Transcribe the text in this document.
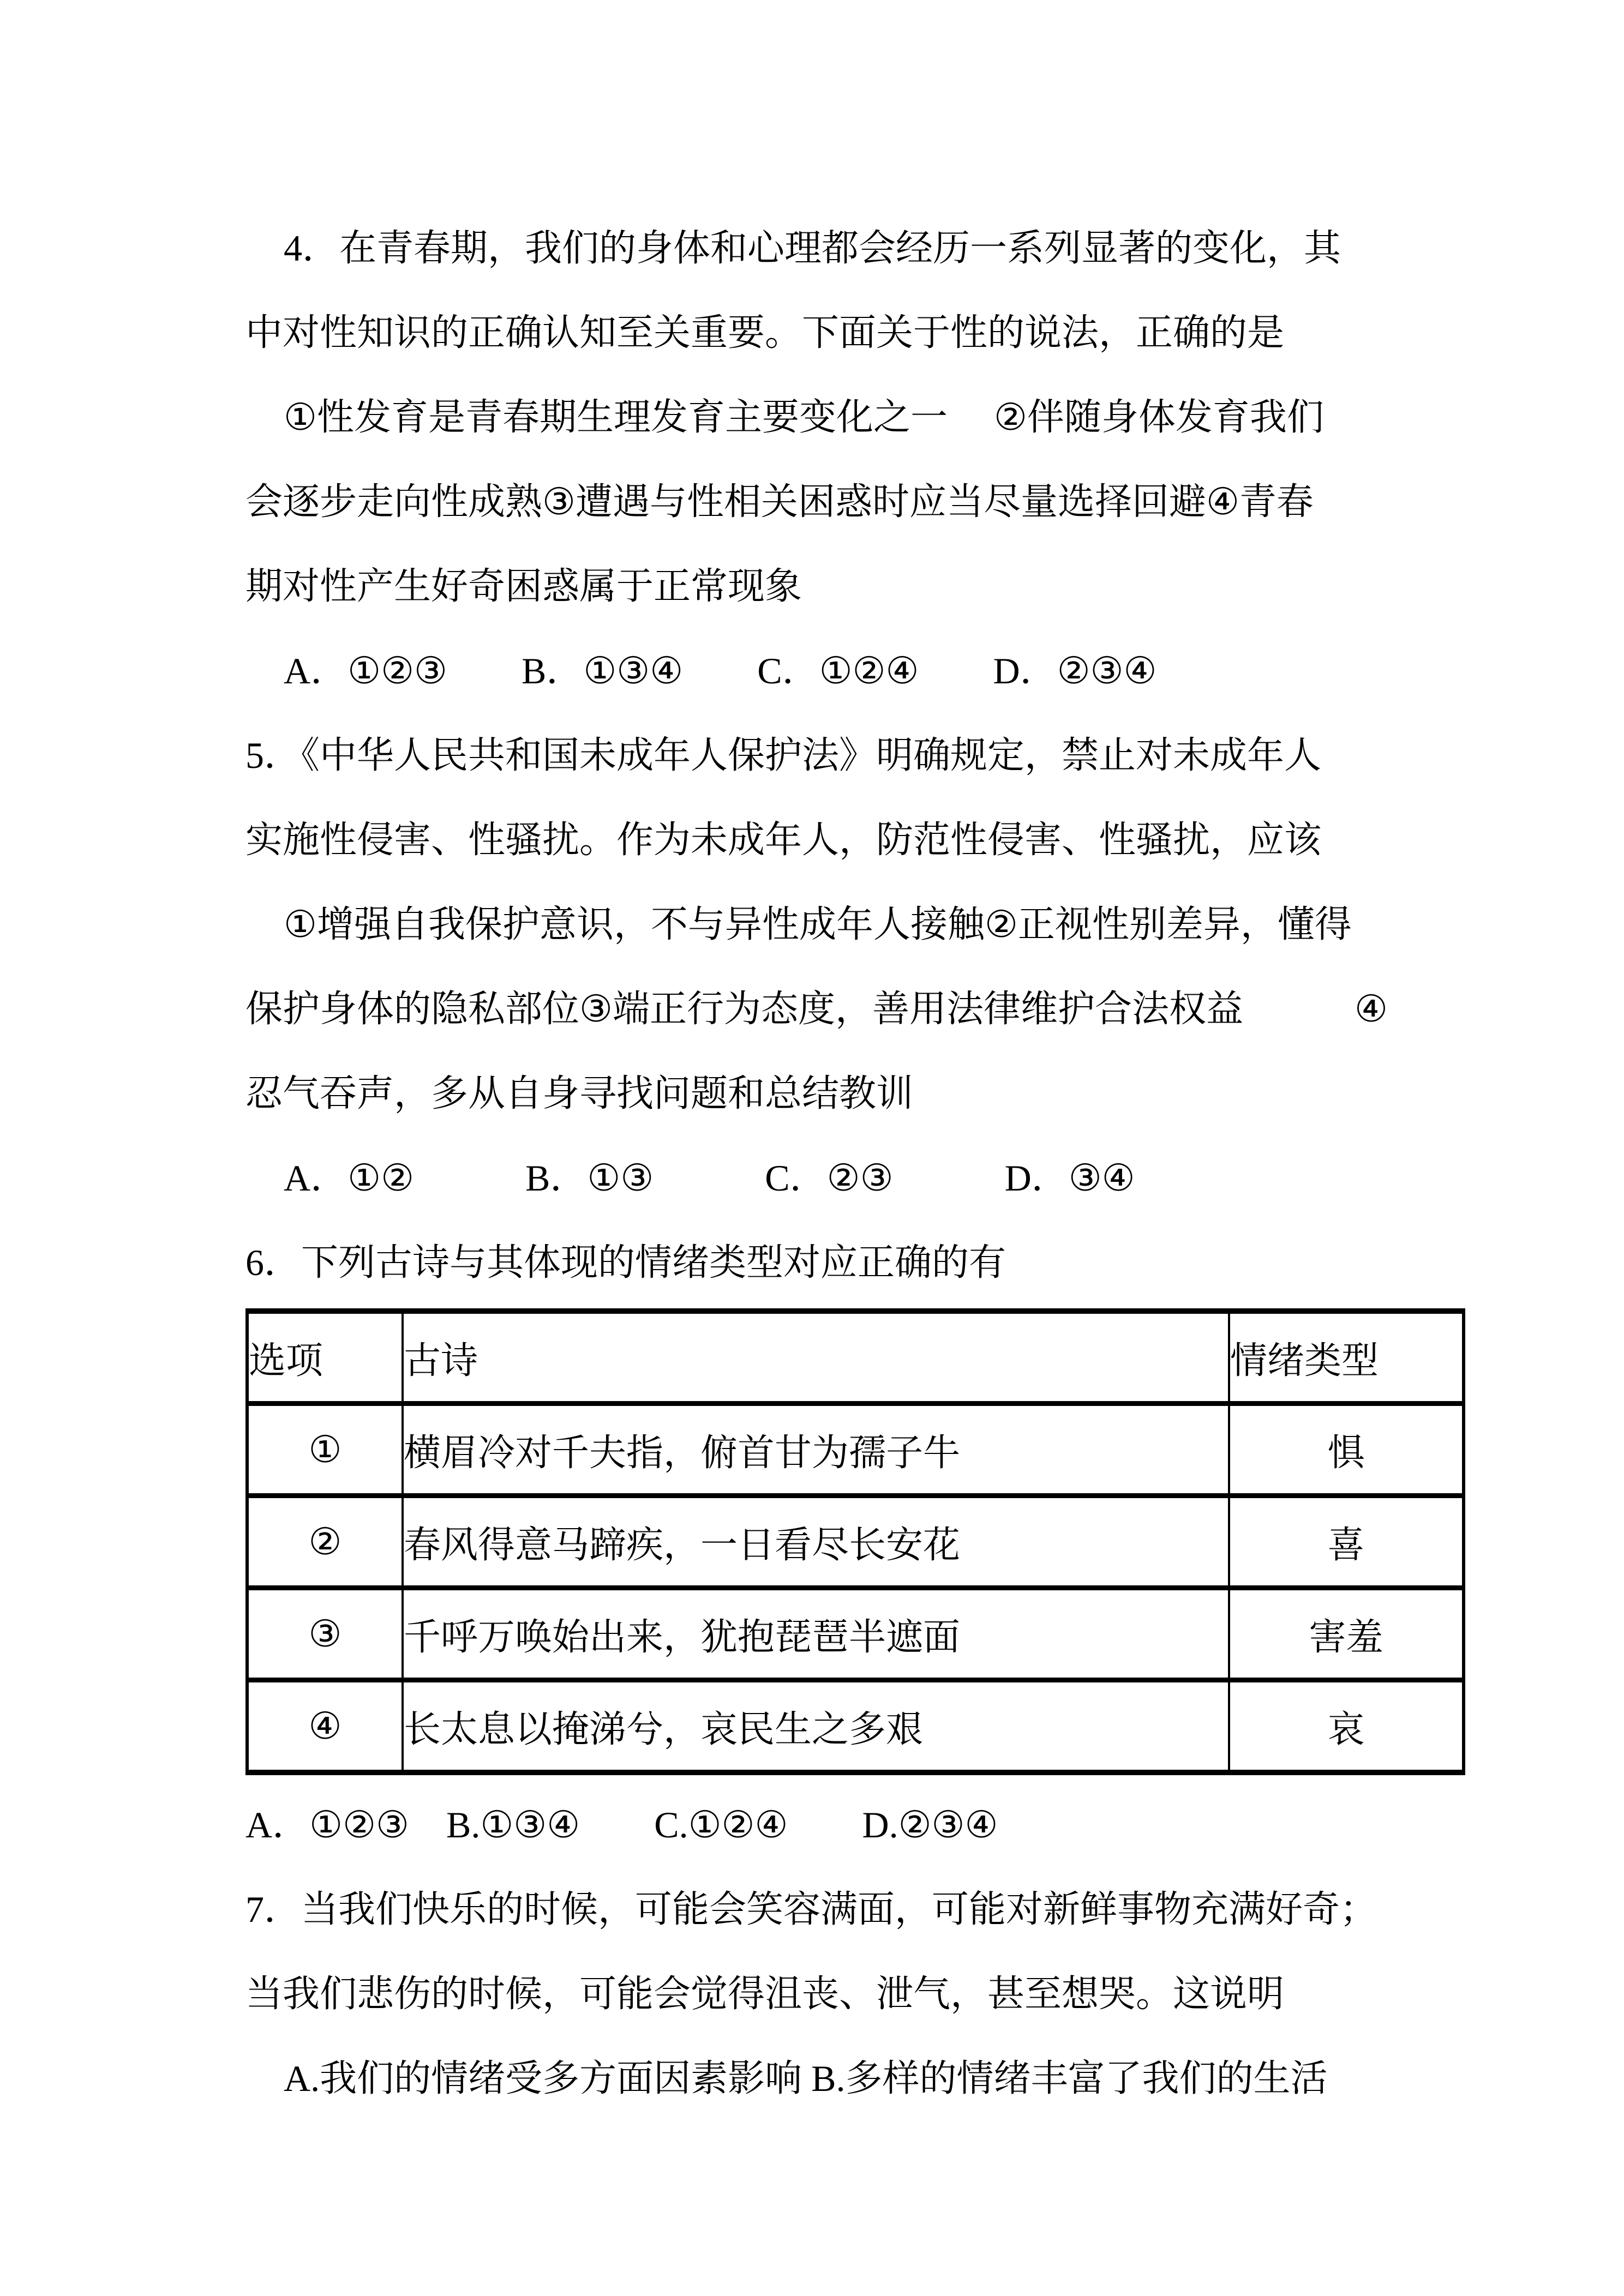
4．在青春期，我们的身体和心理都会经历一系列显著的变化，其

中对性知识的正确认知至关重要。下面关于性的说法，正确的是

①性发育是青春期生理发育主要变化之一　 ②伴随身体发育我们

会逐步走向性成熟③遭遇与性相关困惑时应当尽量选择回避④青春

期对性产生好奇困惑属于正常现象

A．①②③　　B．①③④　　C．①②④　　D．②③④

5．《中华人民共和国未成年人保护法》明确规定，禁止对未成年人

实施性侵害、性骚扰。作为未成年人，防范性侵害、性骚扰，应该

①增强自我保护意识，不与异性成年人接触②正视性别差异，懂得

保护身体的隐私部位③端正行为态度，善用法律维护合法权益　　　④

忍气吞声，多从自身寻找问题和总结教训

A．①②　　　B．①③　　　C．②③　　　D．③④

6．下列古诗与其体现的情绪类型对应正确的有

选项	古诗	情绪类型
①	横眉冷对千夫指，俯首甘为孺子牛	惧
②	春风得意马蹄疾，一日看尽长安花	喜
③	千呼万唤始出来，犹抱琵琶半遮面	害羞
④	长太息以掩涕兮，哀民生之多艰	哀

A．①②③　B.①③④　　C.①②④　　D.②③④

7．当我们快乐的时候，可能会笑容满面，可能对新鲜事物充满好奇；

当我们悲伤的时候，可能会觉得沮丧、泄气，甚至想哭。这说明

A.我们的情绪受多方面因素影响 B.多样的情绪丰富了我们的生活
